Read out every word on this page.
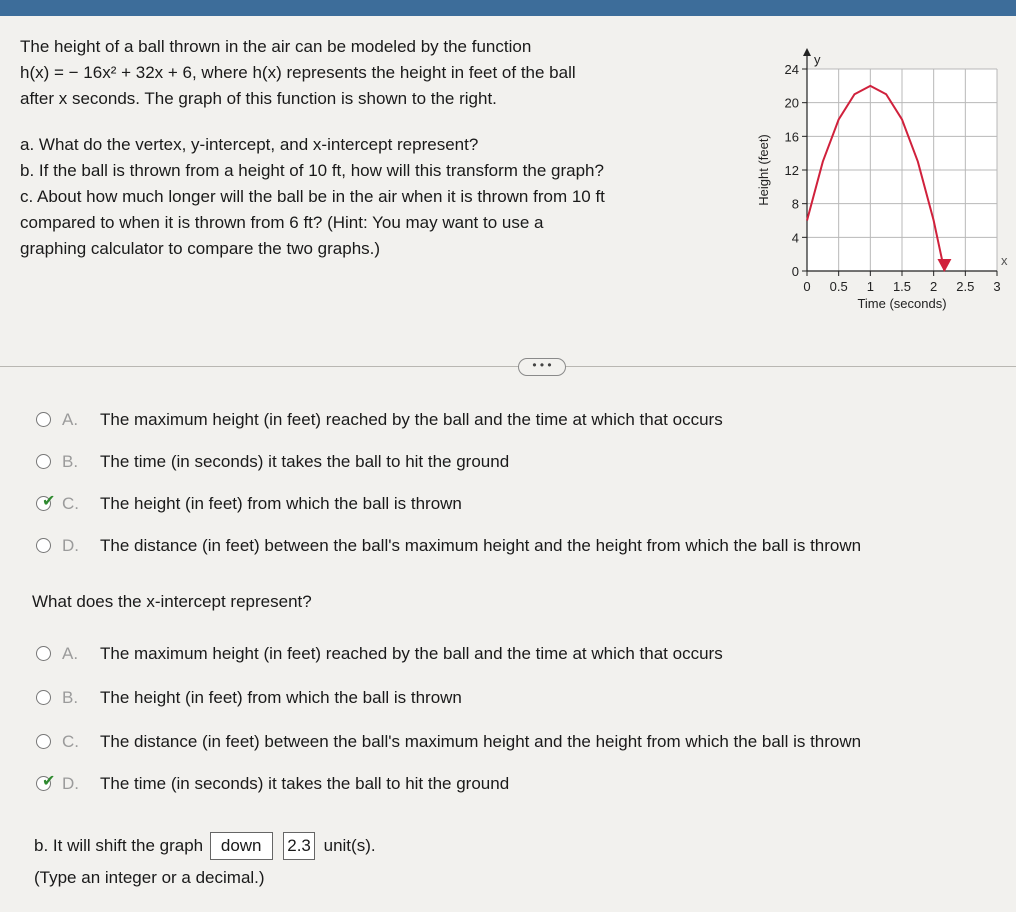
The height of a ball thrown in the air can be modeled by the function
h(x) = − 16x² + 32x + 6, where h(x) represents the height in feet of the ball
after x seconds. The graph of this function is shown to the right.
a. What do the vertex, y-intercept, and x-intercept represent?
b. If the ball is thrown from a height of 10 ft, how will this transform the graph?
c. About how much longer will the ball be in the air when it is thrown from 10 ft
compared to when it is thrown from 6 ft? (Hint: You may want to use a
graphing calculator to compare the two graphs.)
0 0.5 1 1.5 2 2.5 3
0
4
8
12
16
20
24
y
x
Time (seconds)
Height (feet)
• • •
A. The maximum height (in feet) reached by the ball and the time at which that occurs
B. The time (in seconds) it takes the ball to hit the ground
✔ C. The height (in feet) from which the ball is thrown
D. The distance (in feet) between the ball's maximum height and the height from which the ball is thrown
What does the x-intercept represent?
A. The maximum height (in feet) reached by the ball and the time at which that occurs
B. The height (in feet) from which the ball is thrown
C. The distance (in feet) between the ball's maximum height and the height from which the ball is thrown
✔ D. The time (in seconds) it takes the ball to hit the ground
b. It will shift the graph down 2.3 unit(s).
(Type an integer or a decimal.)
